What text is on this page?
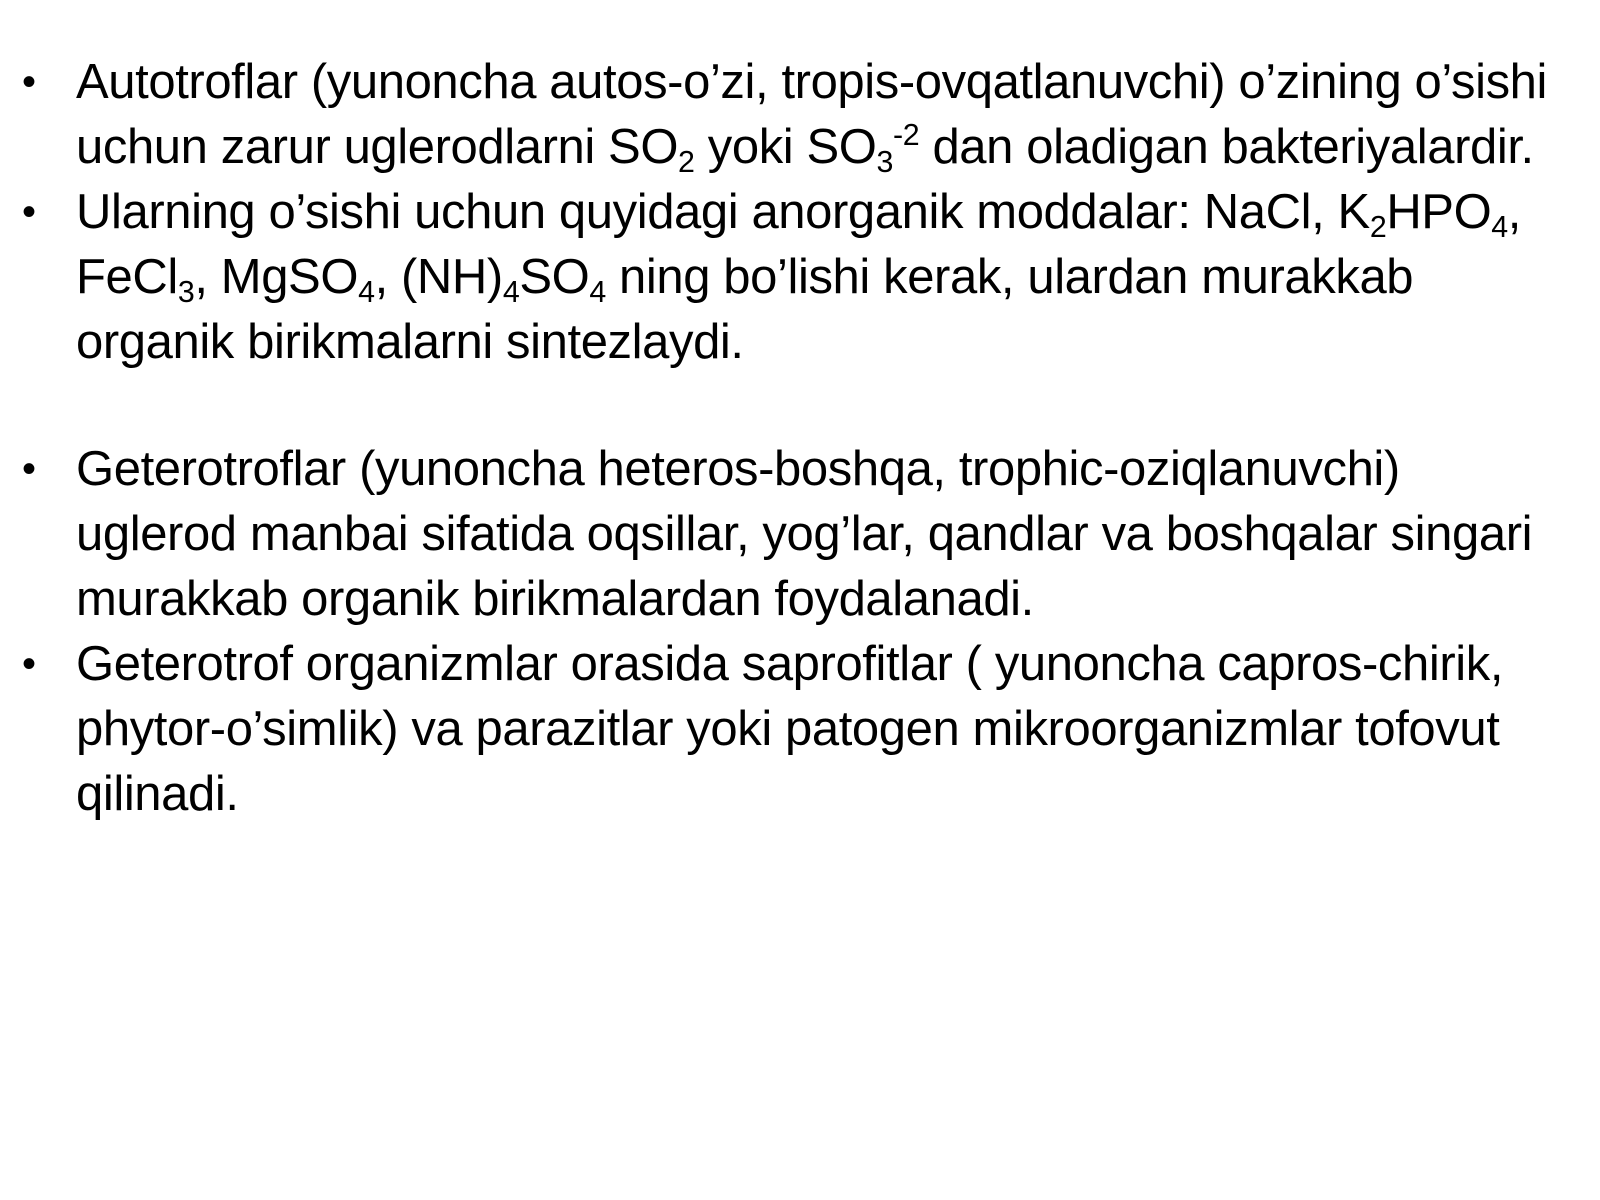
• Autotroflar (yunoncha autos-o’zi, tropis-ovqatlanuvchi) o’zining o’sishi uchun zarur uglerodlarni $SO_2$ yoki $SO_3^{-2}$ dan oladigan bakteriyalardir.
• Ularning o’sishi uchun quyidagi anorganik moddalar: NaCl, $K_2HPO_4$, FeCl$_3$, MgSO$_4$, $(NH)_4SO_4$ ning bo’lishi kerak, ulardan murakkab organik birikmalarni sintezlaydi.
• Geterotroflar (yunoncha heteros-boshqa, trophic-oziqlanuvchi) uglerod manbai sifatida oqsillar, yog’lar, qandlar va boshqalar singari murakkab organik birikmalardan foydalanadi.
• Geterotrof organizmlar orasida saprofitlar ( yunoncha capros-chirik, phytor-o’simlik) va parazitlar yoki patogen mikroorganizmlar tofovut qilinadi.
